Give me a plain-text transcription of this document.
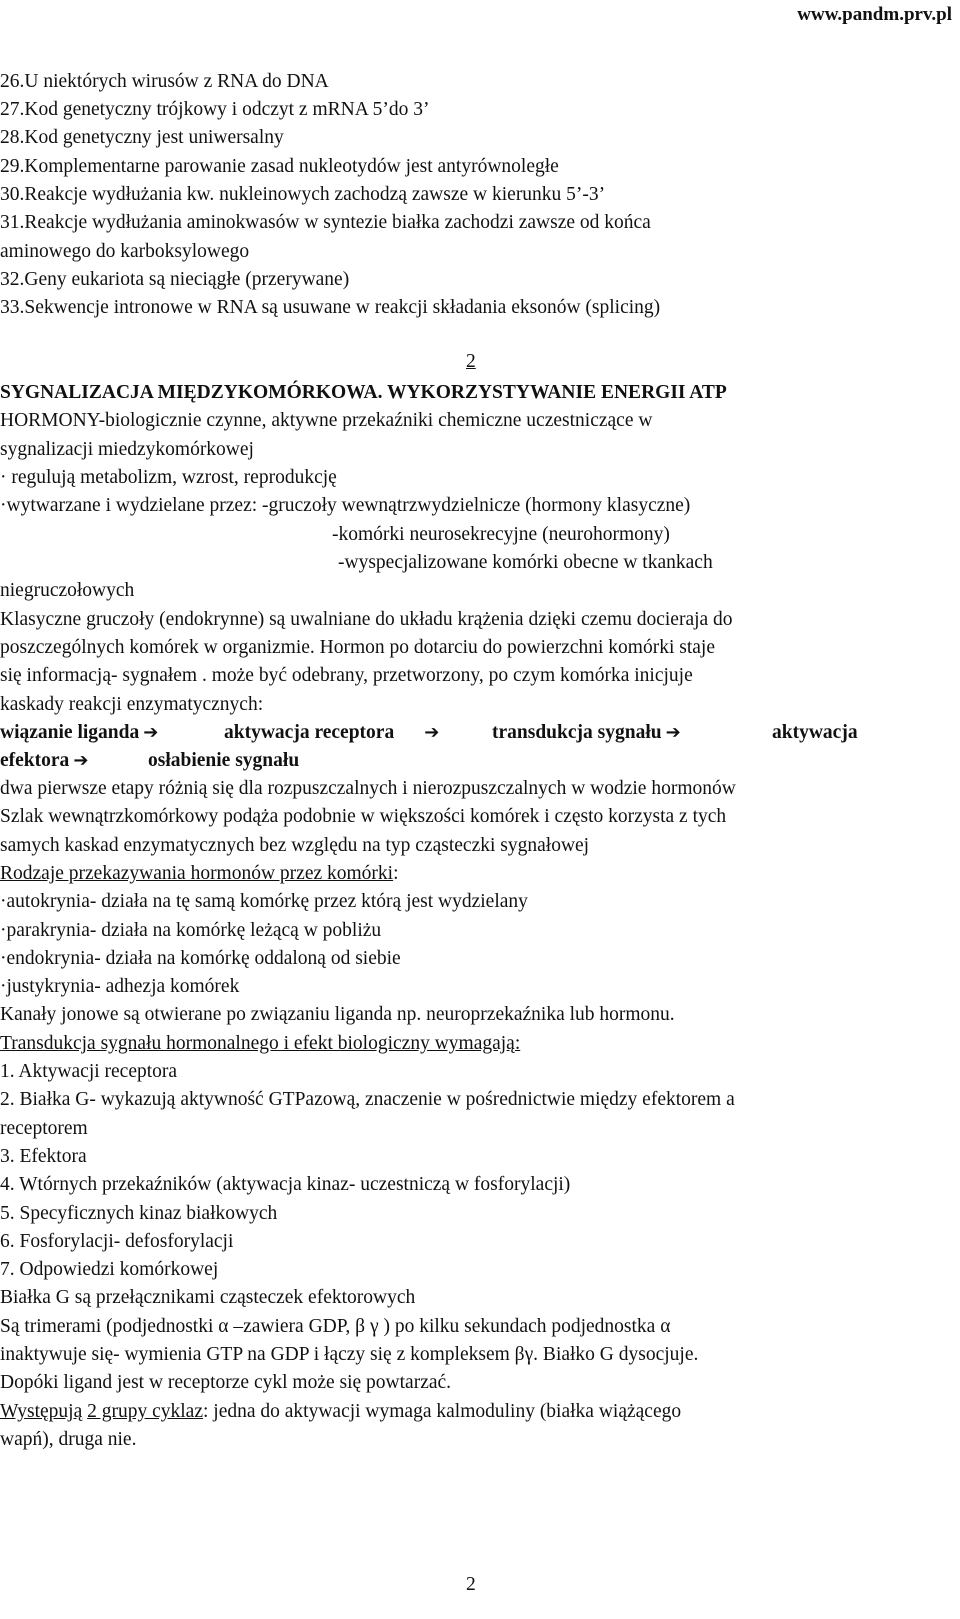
www.pandm.prv.pl
26.U niektórych wirusów z RNA do DNA
27.Kod genetyczny trójkowy i odczyt z mRNA 5’do 3’
28.Kod genetyczny jest uniwersalny
29.Komplementarne parowanie zasad nukleotydów jest antyrównoległe
30.Reakcje wydłużania kw. nukleinowych zachodzą zawsze w kierunku 5’-3’
31.Reakcje wydłużania aminokwasów w syntezie białka zachodzi zawsze od końca
aminowego do karboksylowego
32.Geny eukariota są nieciągłe (przerywane)
33.Sekwencje intronowe w RNA są usuwane w reakcji składania eksonów (splicing)
2
SYGNALIZACJA MIĘDZYKOMÓRKOWA. WYKORZYSTYWANIE ENERGII ATP
HORMONY-biologicznie czynne, aktywne przekaźniki chemiczne uczestniczące w
sygnalizacji miedzykomórkowej
· regulują metabolizm, wzrost, reprodukcję
·wytwarzane i wydzielane przez: -gruczoły wewnątrzwydzielnicze (hormony klasyczne)
-komórki neurosekrecyjne (neurohormony)
-wyspecjalizowane komórki obecne w tkankach
niegruczołowych
Klasyczne gruczoły (endokrynne) są uwalniane do układu krążenia dzięki czemu docieraja do
poszczególnych komórek w organizmie. Hormon po dotarciu do powierzchni komórki staje
się informacją- sygnałem . może być odebrany, przetworzony, po czym komórka inicjuje
kaskady reakcji enzymatycznych:
wiązanie liganda ➔	aktywacja receptora ➔	transdukcja sygnału ➔	aktywacja
efektora ➔	osłabienie sygnału
dwa pierwsze etapy różnią się dla rozpuszczalnych i nierozpuszczalnych w wodzie hormonów
Szlak wewnątrzkomórkowy podąża podobnie w większości komórek i często korzysta z tych
samych kaskad enzymatycznych bez względu na typ cząsteczki sygnałowej
Rodzaje przekazywania hormonów przez komórki:
·autokrynia- działa na tę samą komórkę przez którą jest wydzielany
·parakrynia- działa na komórkę leżącą w pobliżu
·endokrynia- działa na komórkę oddaloną od siebie
·justykrynia- adhezja komórek
Kanały jonowe są otwierane po związaniu liganda np. neuroprzekaźnika lub hormonu.
Transdukcja sygnału hormonalnego i efekt biologiczny wymagają:
1. Aktywacji receptora
2. Białka G- wykazują aktywność GTPazową, znaczenie w pośrednictwie między efektorem a
receptorem
3. Efektora
4. Wtórnych przekaźników (aktywacja kinaz- uczestniczą w fosforylacji)
5. Specyficznych kinaz białkowych
6. Fosforylacji- defosforylacji
7. Odpowiedzi komórkowej
Białka G są przełącznikami cząsteczek efektorowych
Są trimerami (podjednostki α –zawiera GDP, β γ ) po kilku sekundach podjednostka α
inaktywuje się- wymienia GTP na GDP i łączy się z kompleksem βγ. Białko G dysocjuje.
Dopóki ligand jest w receptorze cykl może się powtarzać.
Występują 2 grupy cyklaz: jedna do aktywacji wymaga kalmoduliny (białka wiążącego
wapń), druga nie.
2
